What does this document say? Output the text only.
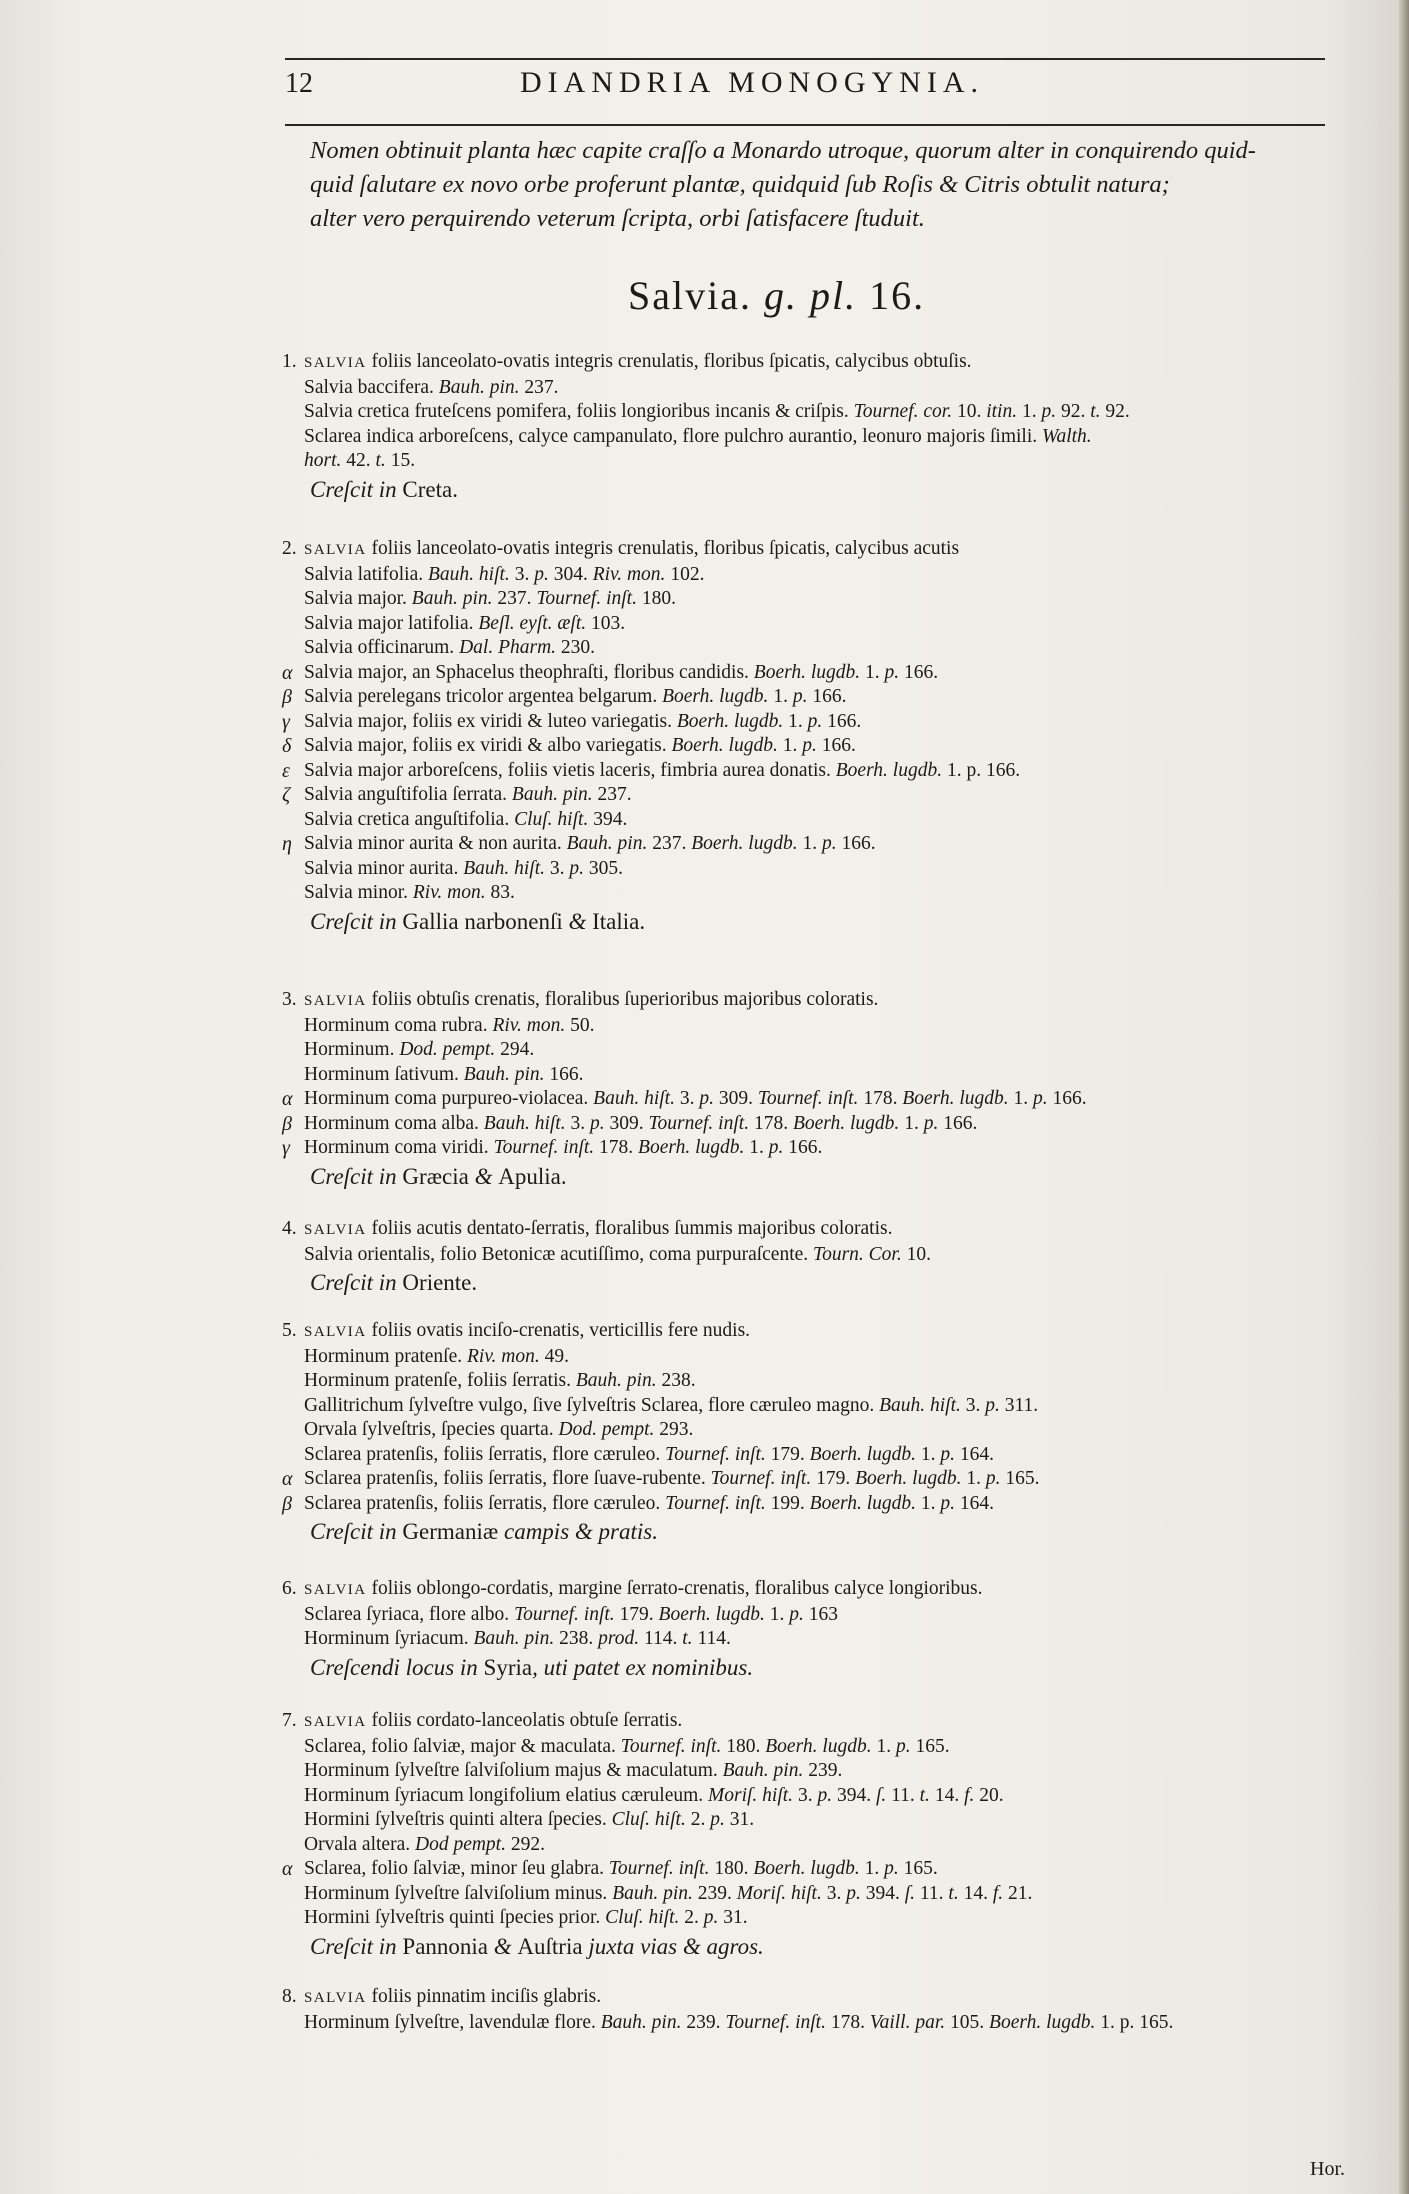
12	DIANDRIA MONOGYNIA.
Nomen obtinuit planta hæc capite craſſo a Monardo utroque, quorum alter in conquirendo quid-
quid ſalutare ex novo orbe proferunt plantæ, quidquid ſub Roſis & Citris obtulit natura;
alter vero perquirendo veterum ſcripta, orbi ſatisfacere ſtuduit.
Salvia. g. pl. 16.
1. SALVIA foliis lanceolato-ovatis integris crenulatis, floribus ſpicatis, calycibus obtuſis.
Salvia baccifera. Bauh. pin. 237.
Salvia cretica fruteſcens pomifera, foliis longioribus incanis & criſpis. Tournef. cor. 10. itin. 1. p. 92. t. 92.
Sclarea indica arboreſcens, calyce campanulato, flore pulchro aurantio, leonuro majoris ſimili. Walth.
hort. 42. t. 15.
Creſcit in Creta.
2. SALVIA foliis lanceolato-ovatis integris crenulatis, floribus ſpicatis, calycibus acutis
Salvia latifolia. Bauh. hiſt. 3. p. 304. Riv. mon. 102.
Salvia major. Bauh. pin. 237. Tournef. inſt. 180.
Salvia major latifolia. Beſl. eyſt. æſt. 103.
Salvia officinarum. Dal. Pharm. 230.
α Salvia major, an Sphacelus theophraſti, floribus candidis. Boerh. lugdb. 1. p. 166.
β Salvia perelegans tricolor argentea belgarum. Boerh. lugdb. 1. p. 166.
γ Salvia major, foliis ex viridi & luteo variegatis. Boerh. lugdb. 1. p. 166.
δ Salvia major, foliis ex viridi & albo variegatis. Boerh. lugdb. 1. p. 166.
ε Salvia major arboreſcens, foliis vietis laceris, fimbria aurea donatis. Boerh. lugdb. 1. p. 166.
ζ Salvia anguſtifolia ſerrata. Bauh. pin. 237.
Salvia cretica anguſtifolia. Cluſ. hiſt. 394.
η Salvia minor aurita & non aurita. Bauh. pin. 237. Boerh. lugdb. 1. p. 166.
Salvia minor aurita. Bauh. hiſt. 3. p. 305.
Salvia minor. Riv. mon. 83.
Creſcit in Gallia narbonenſi & Italia.
3. SALVIA foliis obtuſis crenatis, floralibus ſuperioribus majoribus coloratis.
Horminum coma rubra. Riv. mon. 50.
Horminum. Dod. pempt. 294.
Horminum ſativum. Bauh. pin. 166.
α Horminum coma purpureo-violacea. Bauh. hiſt. 3. p. 309. Tournef. inſt. 178. Boerh. lugdb. 1. p. 166.
β Horminum coma alba. Bauh. hiſt. 3. p. 309. Tournef. inſt. 178. Boerh. lugdb. 1. p. 166.
γ Horminum coma viridi. Tournef. inſt. 178. Boerh. lugdb. 1. p. 166.
Creſcit in Græcia & Apulia.
4. SALVIA foliis acutis dentato-ſerratis, floralibus ſummis majoribus coloratis.
Salvia orientalis, folio Betonicæ acutiſſimo, coma purpuraſcente. Tourn. Cor. 10.
Creſcit in Oriente.
5. SALVIA foliis ovatis inciſo-crenatis, verticillis fere nudis.
Horminum pratenſe. Riv. mon. 49.
Horminum pratenſe, foliis ſerratis. Bauh. pin. 238.
Gallitrichum ſylveſtre vulgo, ſive ſylveſtris Sclarea, flore cæruleo magno. Bauh. hiſt. 3. p. 311.
Orvala ſylveſtris, ſpecies quarta. Dod. pempt. 293.
Sclarea pratenſis, foliis ſerratis, flore cæruleo. Tournef. inſt. 179. Boerh. lugdb. 1. p. 164.
α Sclarea pratenſis, foliis ſerratis, flore ſuave-rubente. Tournef. inſt. 179. Boerh. lugdb. 1. p. 165.
β Sclarea pratenſis, foliis ſerratis, flore cæruleo. Tournef. inſt. 199. Boerh. lugdb. 1. p. 164.
Creſcit in Germaniæ campis & pratis.
6. SALVIA foliis oblongo-cordatis, margine ſerrato-crenatis, floralibus calyce longioribus.
Sclarea ſyriaca, flore albo. Tournef. inſt. 179. Boerh. lugdb. 1. p. 163
Horminum ſyriacum. Bauh. pin. 238. prod. 114. t. 114.
Creſcendi locus in Syria, uti patet ex nominibus.
7. SALVIA foliis cordato-lanceolatis obtuſe ſerratis.
Sclarea, folio ſalviæ, major & maculata. Tournef. inſt. 180. Boerh. lugdb. 1. p. 165.
Horminum ſylveſtre ſalviſolium majus & maculatum. Bauh. pin. 239.
Horminum ſyriacum longifolium elatius cæruleum. Moriſ. hiſt. 3. p. 394. ſ. 11. t. 14. f. 20.
Hormini ſylveſtris quinti altera ſpecies. Cluſ. hiſt. 2. p. 31.
Orvala altera. Dod pempt. 292.
α Sclarea, folio ſalviæ, minor ſeu glabra. Tournef. inſt. 180. Boerh. lugdb. 1. p. 165.
Horminum ſylveſtre ſalviſolium minus. Bauh. pin. 239. Moriſ. hiſt. 3. p. 394. ſ. 11. t. 14. f. 21.
Hormini ſylveſtris quinti ſpecies prior. Cluſ. hiſt. 2. p. 31.
Creſcit in Pannonia & Auſtria juxta vias & agros.
8. SALVIA foliis pinnatim inciſis glabris.
Horminum ſylveſtre, lavendulæ flore. Bauh. pin. 239. Tournef. inſt. 178. Vaill. par. 105. Boerh. lugdb. 1. p. 165.
Hor.
